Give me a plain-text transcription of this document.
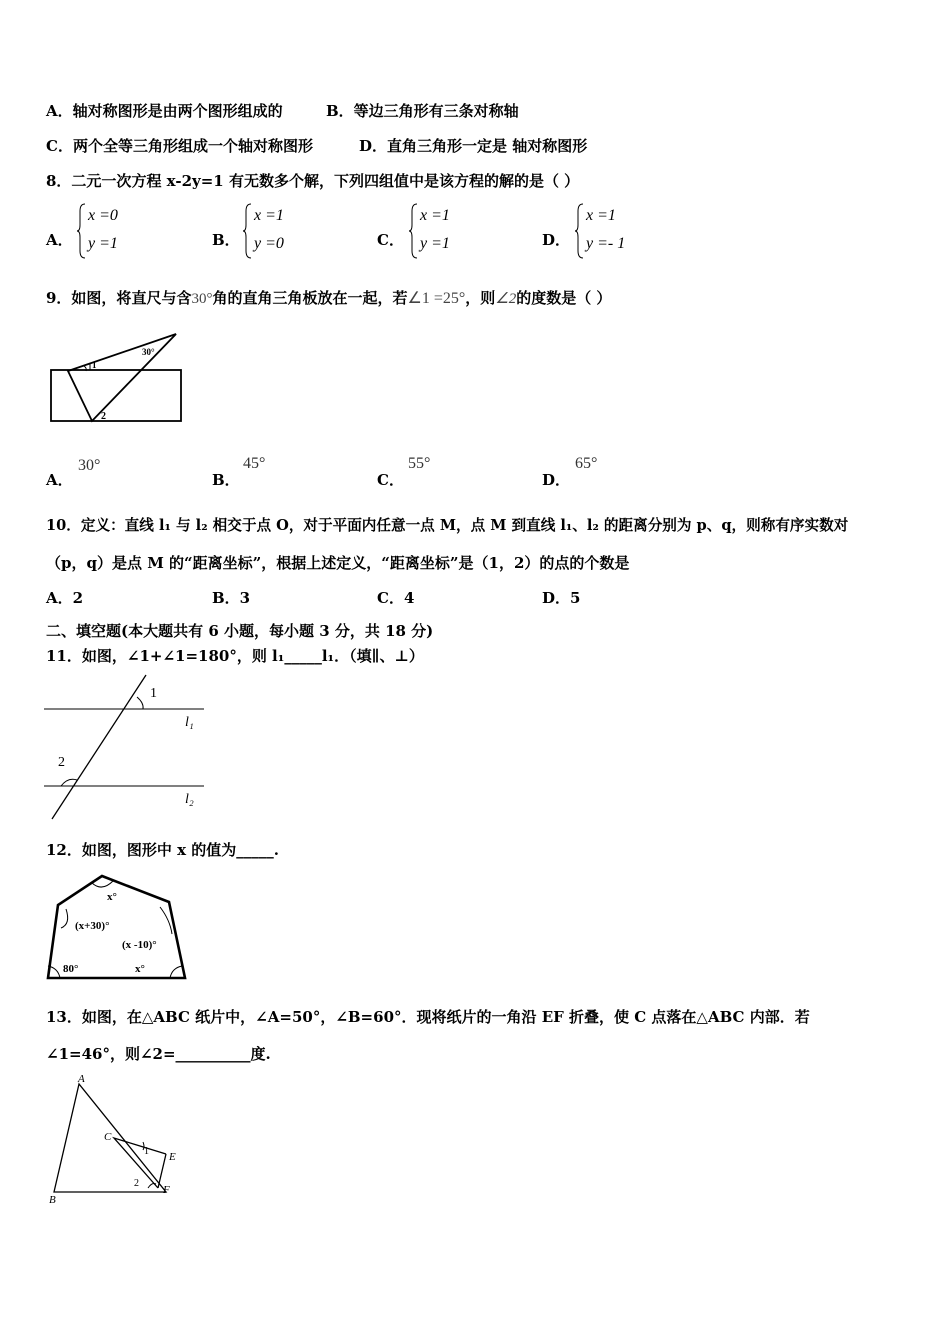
A．轴对称图形是由两个图形组成的	B．等边三角形有三条对称轴
C．两个全等三角形组成一个轴对称图形	D．直角三角形一定是 轴对称图形
8．二元一次方程 x-2y=1 有无数多个解，下列四组值中是该方程的解的是（ ）
A．
x =0
y =1	B．
x =1
y =0	C．
x =1
y =1	D．
x =1
y =- 1
9．如图，将直尺与含30°角的直角三角板放在一起，若∠1 =25°，则∠2的度数是（ ）
30°
1
2
A．
30°
B．
45°
C．
55°
D．
65°
10．定义：直线 l₁ 与 l₂ 相交于点 O，对于平面内任意一点 M，点 M 到直线 l₁、l₂ 的距离分别为 p、q，则称有序实数对
（p，q）是点 M 的“距离坐标”，根据上述定义，“距离坐标”是（1，2）的点的个数是
A．2	B．3	C．4	D．5
二、填空题(本大题共有 6 小题，每小题 3 分，共 18 分)
11．如图，∠1+∠1=180°，则 l₁_____l₁．（填∥、⊥）
1
2
l₁
l₂
12．如图，图形中 x 的值为_____.
x°
(x+30)°
(x -10)°
80°	x°
13．如图，在△ABC 纸片中，∠A=50°，∠B=60°．现将纸片的一角沿 EF 折叠，使 C 点落在△ABC 内部．若
∠1=46°，则∠2=__________度.
A
B
C
E
F
1
2
